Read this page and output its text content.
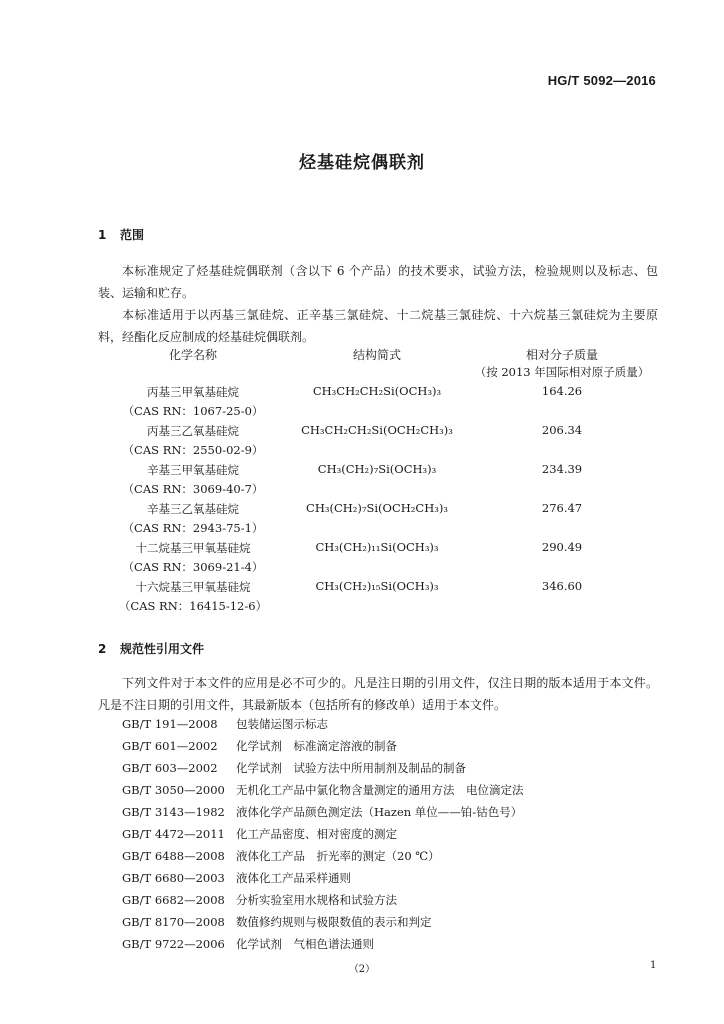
HG/T 5092—2016
烃基硅烷偶联剂
1 范围
本标准规定了烃基硅烷偶联剂（含以下 6 个产品）的技术要求，试验方法，检验规则以及标志、包装、运输和贮存。
本标准适用于以丙基三氯硅烷、正辛基三氯硅烷、十二烷基三氯硅烷、十六烷基三氯硅烷为主要原料，经酯化反应制成的烃基硅烷偶联剂。
化学名称	结构简式	相对分子质量
（按 2013 年国际相对原子质量）
丙基三甲氧基硅烷	CH₃CH₂CH₂Si(OCH₃)₃	164.26
（CAS RN：1067-25-0）
丙基三乙氧基硅烷	CH₃CH₂CH₂Si(OCH₂CH₃)₃	206.34
（CAS RN：2550-02-9）
辛基三甲氧基硅烷	CH₃(CH₂)₇Si(OCH₃)₃	234.39
（CAS RN：3069-40-7）
辛基三乙氧基硅烷	CH₃(CH₂)₇Si(OCH₂CH₃)₃	276.47
（CAS RN：2943-75-1）
十二烷基三甲氧基硅烷	CH₃(CH₂)₁₁Si(OCH₃)₃	290.49
（CAS RN：3069-21-4）
十六烷基三甲氧基硅烷	CH₃(CH₂)₁₅Si(OCH₃)₃	346.60
（CAS RN：16415-12-6）
2 规范性引用文件
下列文件对于本文件的应用是必不可少的。凡是注日期的引用文件，仅注日期的版本适用于本文件。凡是不注日期的引用文件，其最新版本（包括所有的修改单）适用于本文件。
GB/T 191—2008 包装储运图示标志
GB/T 601—2002 化学试剂　标准滴定溶液的制备
GB/T 603—2002 化学试剂　试验方法中所用制剂及制品的制备
GB/T 3050—2000 无机化工产品中氯化物含量测定的通用方法　电位滴定法
GB/T 3143—1982 液体化学产品颜色测定法（Hazen 单位——铂-钴色号）
GB/T 4472—2011 化工产品密度、相对密度的测定
GB/T 6488—2008 液体化工产品　折光率的测定（20 ℃）
GB/T 6680—2003 液体化工产品采样通则
GB/T 6682—2008 分析实验室用水规格和试验方法
GB/T 8170—2008 数值修约规则与极限数值的表示和判定
GB/T 9722—2006 化学试剂　气相色谱法通则
（2）	1
